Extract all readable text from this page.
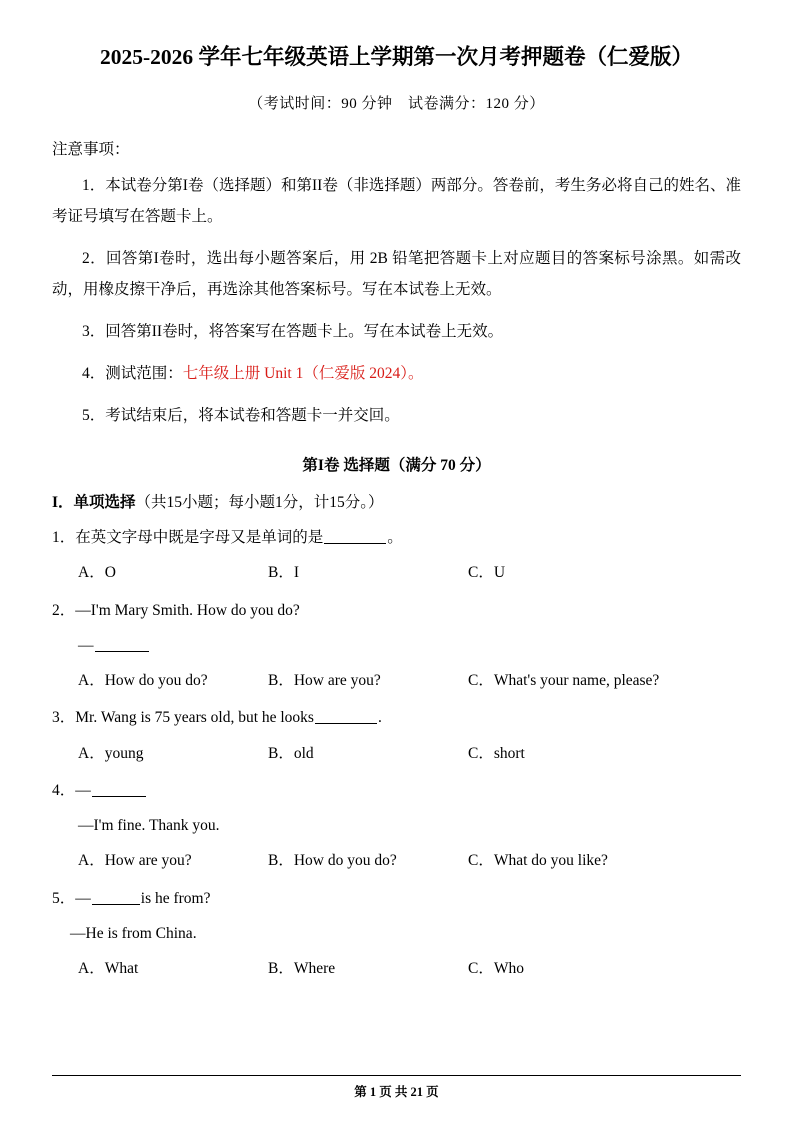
2025-2026 学年七年级英语上学期第一次月考押题卷（仁爱版）
（考试时间：90 分钟　试卷满分：120 分）
注意事项：
1．本试卷分第I卷（选择题）和第II卷（非选择题）两部分。答卷前，考生务必将自己的姓名、准考证号填写在答题卡上。
2．回答第I卷时，选出每小题答案后，用 2B 铅笔把答题卡上对应题目的答案标号涂黑。如需改动，用橡皮擦干净后，再选涂其他答案标号。写在本试卷上无效。
3．回答第II卷时，将答案写在答题卡上。写在本试卷上无效。
4．测试范围：七年级上册 Unit 1（仁爱版 2024）。
5．考试结束后，将本试卷和答题卡一并交回。
第I卷 选择题（满分 70 分）
I．单项选择（共15小题；每小题1分，计15分。）
1．在英文字母中既是字母又是单词的是	。
A．O	B．I	C．U
2．—I'm Mary Smith. How do you do?
—
A．How do you do?	B．How are you?	C．What's your name, please?
3．Mr. Wang is 75 years old, but he looks	.
A．young	B．old	C．short
4．—
—I'm fine. Thank you.
A．How are you?	B．How do you do?	C．What do you like?
5．—	is he from?
—He is from China.
A．What	B．Where	C．Who
第 1 页 共 21 页
